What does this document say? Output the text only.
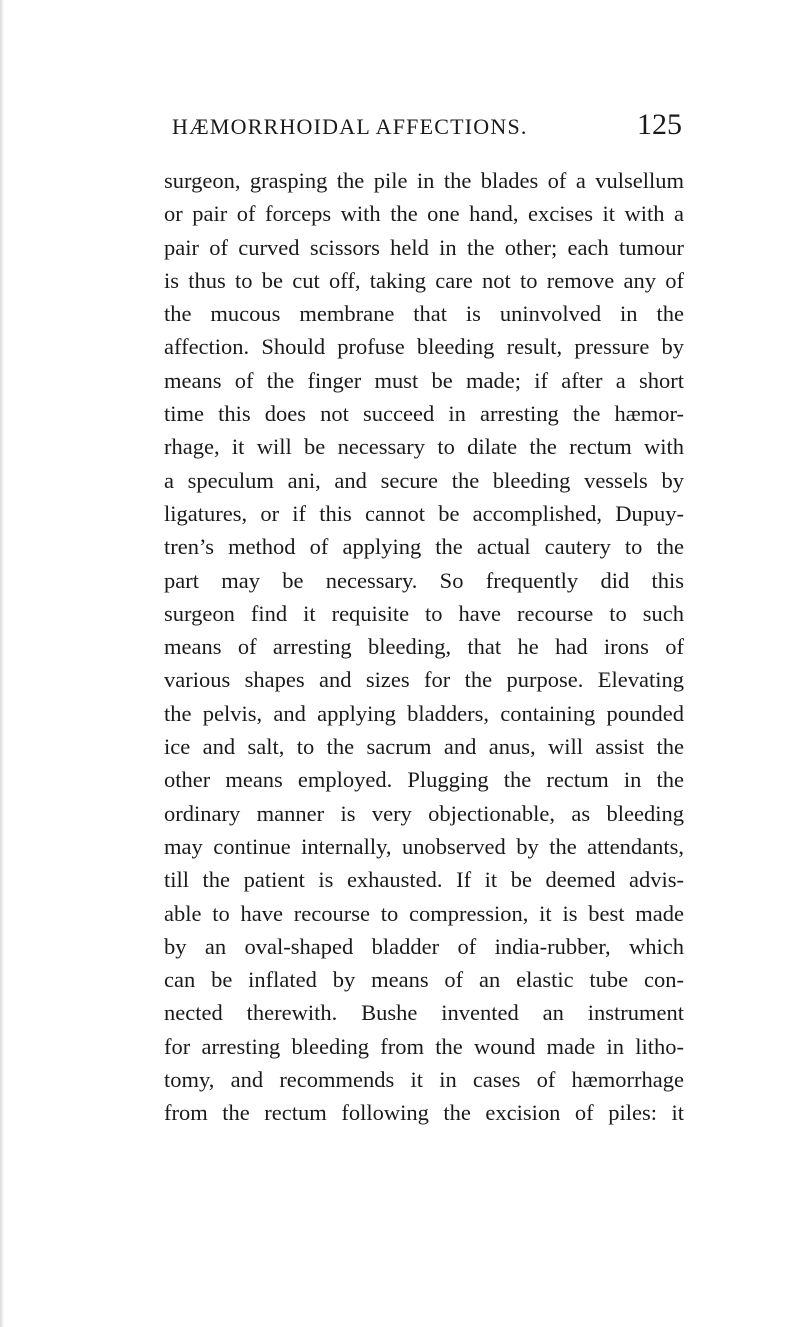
HÆMORRHOIDAL AFFECTIONS.	125
surgeon, grasping the pile in the blades of a vulsellum
or pair of forceps with the one hand, excises it with a
pair of curved scissors held in the other; each tumour
is thus to be cut off, taking care not to remove any of
the mucous membrane that is uninvolved in the
affection. Should profuse bleeding result, pressure by
means of the finger must be made; if after a short
time this does not succeed in arresting the hæmor-
rhage, it will be necessary to dilate the rectum with
a speculum ani, and secure the bleeding vessels by
ligatures, or if this cannot be accomplished, Dupuy-
tren’s method of applying the actual cautery to the
part may be necessary. So frequently did this
surgeon find it requisite to have recourse to such
means of arresting bleeding, that he had irons of
various shapes and sizes for the purpose. Elevating
the pelvis, and applying bladders, containing pounded
ice and salt, to the sacrum and anus, will assist the
other means employed. Plugging the rectum in the
ordinary manner is very objectionable, as bleeding
may continue internally, unobserved by the attendants,
till the patient is exhausted. If it be deemed advis-
able to have recourse to compression, it is best made
by an oval-shaped bladder of india-rubber, which
can be inflated by means of an elastic tube con-
nected therewith. Bushe invented an instrument
for arresting bleeding from the wound made in litho-
tomy, and recommends it in cases of hæmorrhage
from the rectum following the excision of piles: it
